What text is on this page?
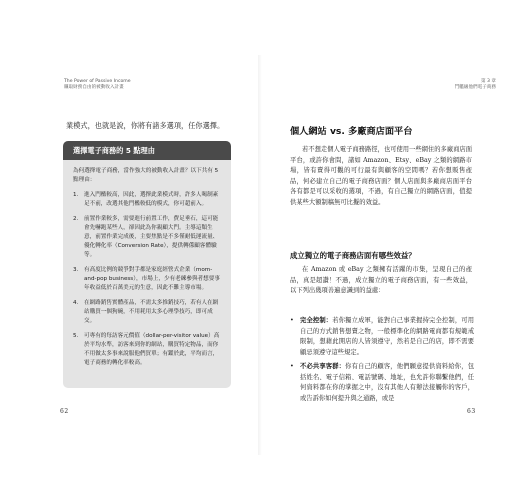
The Power of Passive Income
賺取財務自由的被動收入計畫
業模式，也就是說，你將有諸多選項，任你選擇。
選擇電子商務的 5 點理由

為何選擇電子商務，當作強大的被動收入計畫？以下共有 5 點理由：

1.	進入門檻較高，因此，選擇此業模式時，許多人喝制紊足不前，改選其他門檻較低的模式，你可超前入。
2.	前置作業較多，需要進行前置工作，費足垂石，這可能會先嚇跑某些人，卻因此為你親顧大門。主導這類生意，前置作業完成後，主要焦點是不多僅耐低運流量、優化轉化率（Conversion Rate），提供轉係顧客體驗等。
3.	有高度比例的競爭對手都是家庭經營式企業（mom-and-pop business），市場上，少有老練參與者想要事年收益低於百萬美元的生意，因此不難主導市場。
4.	在網路銷售實體產品，不需太多推銷技巧，若有人在網站購買一個狗碗，不用耗用太多心理學技巧，即可成交。
5.	可專有的每訪客元價值（dollar-per-visitor value）高於平均水準，訪客來到你的網站，購買特定物品，而你不用做太多事來說服他們買單；有鑑於此，平均而言，電子商務的轉化率較高。
62
第 3 章
鬥艦級他們電子商務
個人網站 vs. 多廠商店面平台

若不想走個人電子商務路徑，也可使用一些網住的多廠商店面平台，或許你會問，諸如 Amazon、Etsy、eBay 之類的網路市場，皆有賣得可觀的可行最有與顧客的空間嗎？若你想販售產品，何必建立自己的電子商務店面？個人店面與多廠商店面平台各有都是可以采收的選項，不過，有自己獨立的網路店面，值提供某些大額制稿無可比擬的效益。

成立獨立的電子商務店面有哪些效益？

在 Amazon 或 eBay 之類擁有活躍的市集，呈現自己的產品，真是超讚！不過，成立獨立的電子商務店面，有一些效益，以下列出幾項善遍意識到的益處：

• 完全控制：若你獨立成軍，能對自己事業握持完全控制，可用自己的方式銷售想賣之物，一般標準化的網路電商都有規範戒限制，想藉此開店的人皆須遵守，然若是自己的店，即不需要顧忌須遵守這些規定。
• 不必共享客群：你有自己的顧客，他們願意提供資料給你，包括姓名、電子信箱、電話號碼、地址，也允許你聯繫他們，任何資料都在你的掌握之中，沒有其他人有辦法接觸你的客戶，或告訴你如何提升與之通路，或是
63
